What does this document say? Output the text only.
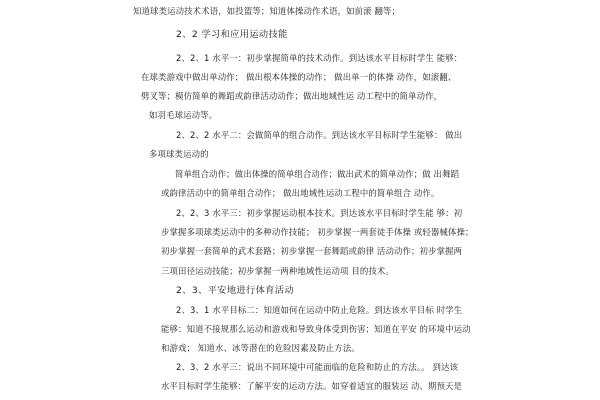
知道球类运动技术术语，如投篮等；知道体操动作术语，如前滚 翻等；
2、2 学习和应用运动技能
2、2、1 水平一：初步掌握简单的技术动作。到达该水平目标时学生 能够：
在球类游戏中做出单动作； 做出根本体操的动作； 做出单一的体操 动作，如滚翻、
劈叉等；模仿简单的舞蹈或韵律活动动作；做出地域性运 动工程中的简单动作，
如羽毛球运动等。
2、2、2 水平二：会做简单的组合动作。到达该水平目标时学生能够： 做出
多项球类运动的
简单组合动作；做出体操的简单组合动作；做出武术的简单动作；做 出舞蹈
或韵律活动中的简单组合动作； 做出地域性运动工程中的简单组合 动作。
2、2、3 水平三：初步掌握运动根本技术。到达该水平目标时学生能 够：初
步掌握多项球类运动中的多种动作技能； 初步掌握一两套徒手体操 或轻器械体操；
初步掌握一套简单的武术套路；初步掌握一套舞蹈或韵律 活动动作；初步掌握两
三项田径运动技能；初步掌握一两种地域性运动项 目的技术。
2、3、平安地进行体育活动
2、3、1 水平目标二：知道如何在运动中防止危险。到达该水平目标 时学生
能够：知道不接规那么运动和游戏和导致身体受到伤害；知道在平安 的环境中运动
和游戏； 知道水、冰等潜在的危险因素及防止方法。
2、3、2 水平三：说出不同环境中可能面临的危险和防止的方法。。 到达该
水平目标时学生能够：了解平安的运动方法。如穿着适宜的服装运 动、期预天是
